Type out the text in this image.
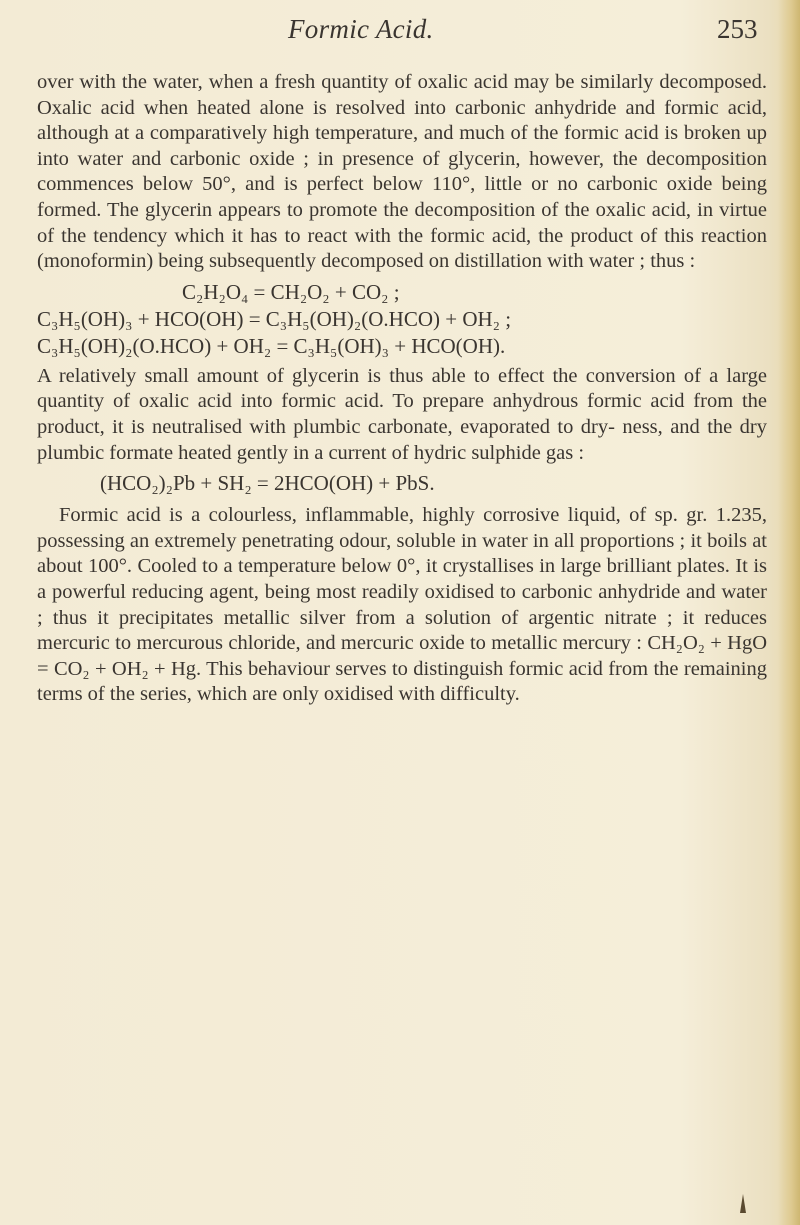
Formic Acid.	253

over with the water, when a fresh quantity of oxalic acid may be similarly decomposed. Oxalic acid when heated alone is resolved into carbonic anhydride and formic acid, although at a comparatively high temperature, and much of the formic acid is broken up into water and carbonic oxide ; in presence of glycerin, however, the decomposition commences below 50°, and is perfect below 110°, little or no carbonic oxide being formed. The glycerin appears to promote the decomposition of the oxalic acid, in virtue of the tendency which it has to react with the formic acid, the product of this reaction (monoformin) being subsequently decomposed on distillation with water ; thus :

C₂H₂O₄ = CH₂O₂ + CO₂ ;

C₃H₅(OH)₃ + HCO(OH) = C₃H₅(OH)₂(O.HCO) + OH₂ ;

C₃H₅(OH)₂(O.HCO) + OH₂ = C₃H₅(OH)₃ + HCO(OH).

A relatively small amount of glycerin is thus able to effect the conversion of a large quantity of oxalic acid into formic acid. To prepare anhydrous formic acid from the product, it is neutralised with plumbic carbonate, evaporated to dry- ness, and the dry plumbic formate heated gently in a current of hydric sulphide gas :

(HCO₂)₂Pb + SH₂ = 2HCO(OH) + PbS.

Formic acid is a colourless, inflammable, highly corrosive liquid, of sp. gr. 1.235, possessing an extremely penetrating odour, soluble in water in all proportions ; it boils at about 100°. Cooled to a temperature below 0°, it crystallises in large brilliant plates. It is a powerful reducing agent, being most readily oxidised to carbonic anhydride and water ; thus it precipitates metallic silver from a solution of argentic nitrate ; it reduces mercuric to mercurous chloride, and mercuric oxide to metallic mercury : CH₂O₂ + HgO = CO₂ + OH₂ + Hg. This behaviour serves to distinguish formic acid from the remaining terms of the series, which are only oxidised with difficulty.
